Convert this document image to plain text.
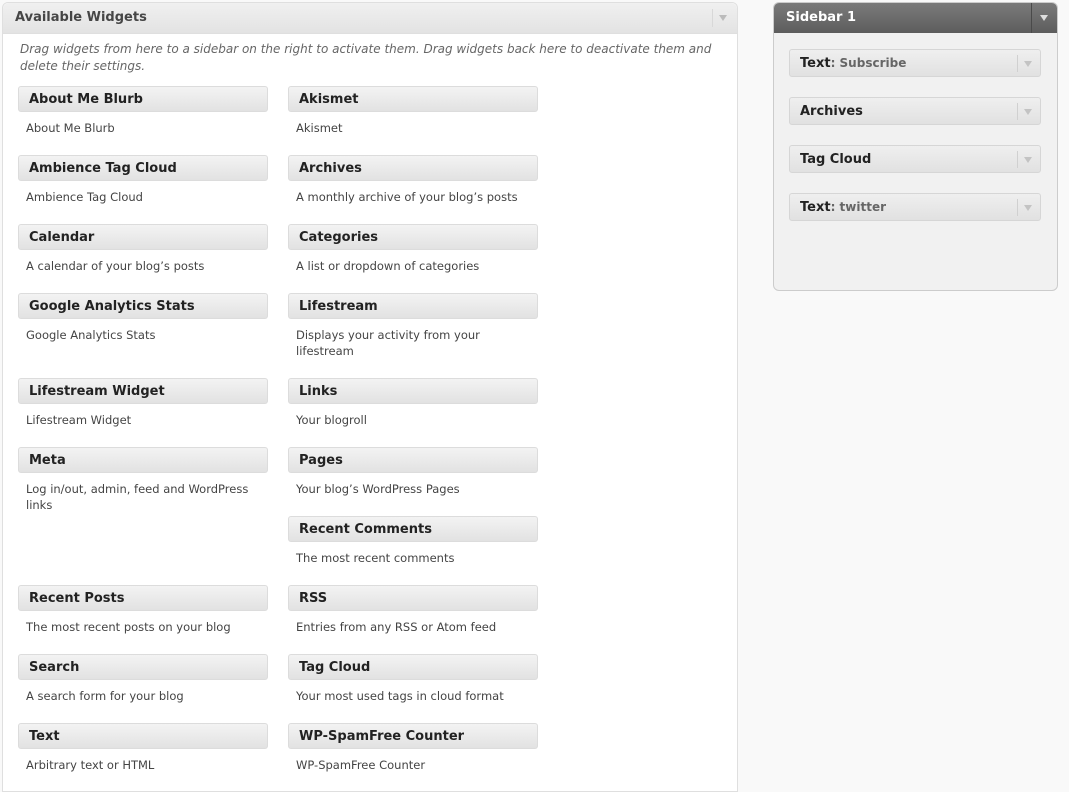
Available Widgets
Drag widgets from here to a sidebar on the right to activate them. Drag widgets back here to deactivate them and delete their settings.
About Me Blurb
About Me Blurb
Akismet
Akismet
Ambience Tag Cloud
Ambience Tag Cloud
Archives
A monthly archive of your blog’s posts
Calendar
A calendar of your blog’s posts
Categories
A list or dropdown of categories
Google Analytics Stats
Google Analytics Stats
Lifestream
Displays your activity from your lifestream
Lifestream Widget
Lifestream Widget
Links
Your blogroll
Meta
Log in/out, admin, feed and WordPress links
Pages
Your blog’s WordPress Pages
Recent Comments
The most recent comments
Recent Posts
The most recent posts on your blog
RSS
Entries from any RSS or Atom feed
Search
A search form for your blog
Tag Cloud
Your most used tags in cloud format
Text
Arbitrary text or HTML
WP-SpamFree Counter
WP-SpamFree Counter
Sidebar 1
Text: Subscribe
Archives
Tag Cloud
Text: twitter
